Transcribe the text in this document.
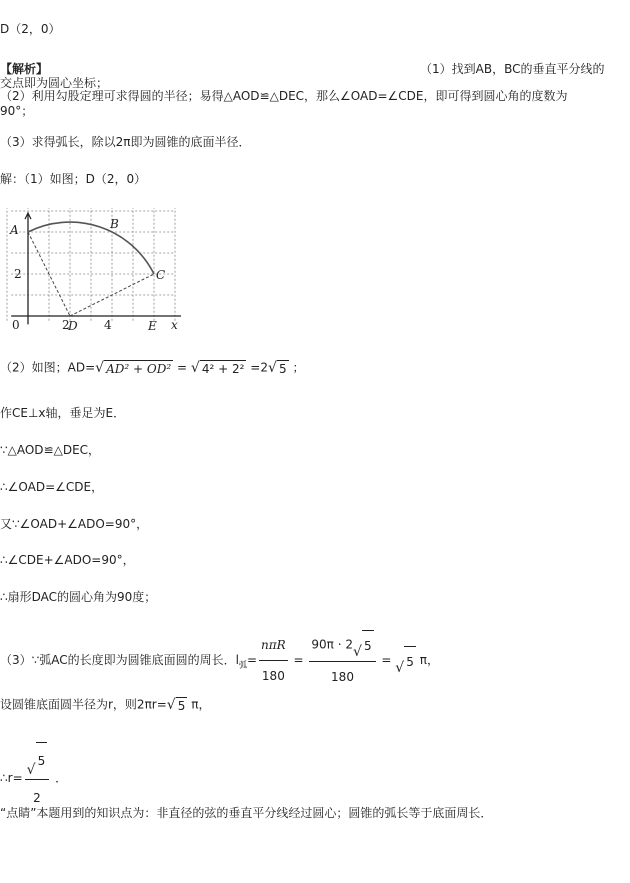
D（2，0）
【解析】	（1）找到AB，BC的垂直平分线的
交点即为圆心坐标；
（2）利用勾股定理可求得圆的半径；易得△AOD≌△DEC，那么∠OAD=∠CDE，即可得到圆心角的度数为
90°；
（3）求得弧长，除以2π即为圆锥的底面半径．
解：（1）如图；D（2，0）
A	B
C
D	E
0	2	4
2
x
（2）如图；AD= √ AD² + OD² = √ 4² + 2² =2 √ 5 ；
作CE⊥x轴，垂足为E．
∵△AOD≌△DEC，
∴∠OAD=∠CDE，
又∵∠OAD+∠ADO=90°，
∴∠CDE+∠ADO=90°，
∴扇形DAC的圆心角为90度；
（3）∵弧AC的长度即为圆锥底面圆的周长．$l_弧= \frac{\text{nπR}}{180} = \frac{90\pi \cdot 2 √ 5}{180}$ = √ 5 π，
设圆锥底面圆半径为r，则2πr= √ 5 π，
∴r= √
5
2 ．
“点睛”本题用到的知识点为：非直径的弦的垂直平分线经过圆心；圆锥的弧长等于底面周长．
